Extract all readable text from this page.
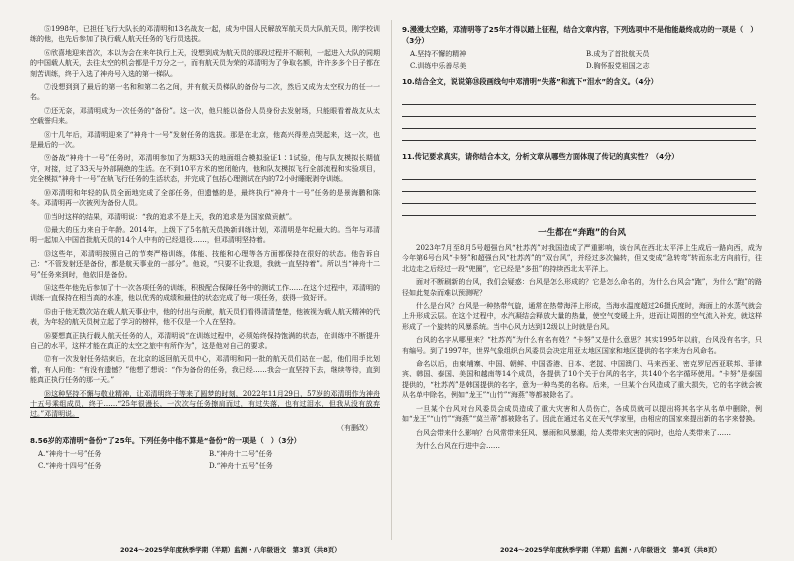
⑤1998年，已担任飞行大队长的邓清明和13名战友一起，成为中国人民解放军航天员大队航天员，刚学校训练的他，也先后参加了执行载人航天任务的飞行员选拔。

⑥欣喜地迎来首次，本以为会在来年执行上天，没想到成为航天员的那段过程并不顺利，一起进入大队的同期的中国载人航天，去往太空的机会都是千万分之一，而有航天员为荣的邓清明为了争取名额，许许多多个日子都在刻苦训练，终于入选了神舟号入选的第一梯队。

⑦没想到到了最后的第一名和和第二名之间，并有航天员梯队的备份与二次，然后又成为太空权力的任一一名。

⑦还无奈，邓清明成为一次任务的“备份”。这一次，他只能以备份人员身份去发射场，只能眼看着战友从太空载誉归来。

⑧十几年后，邓清明迎来了“神舟十一号”发射任务的选拔。那是在北京，他高兴得差点哭起来，这一次，也是最后的一次。

⑨备战“神舟十一号”任务时，邓清明参加了为期33天的地面组合模拟验证1∶1试验，他与队友模拟长期值守，对接，过了33天与外部隔绝的生活。在不到10平方米的密闭舱内，他和队友模拟飞行全部流程和实验项目，完全模拟“神舟十一号”在轨飞行任务的生活状态，并完成了包括心理测试在内的72小时睡眠剥夺训练。

⑩邓清明和年轻的队员全面地完成了全部任务，但遗憾的是，最终执行“神舟十一号”任务的是景海鹏和陈冬。邓清明再一次被列为备份人员。

⑪当时这样的结果，邓清明说：“我的追求不是上天，我的追求是为国家做贡献”。

⑫最大的压力来自于年龄。2014年，上级下了5名航天员换新训练计划，邓清明是年纪最大的。当年与邓清明一起加入中国首批航天员的14个人中有的已经退役……，但邓清明坚持着。

⑬这些年，邓清明按照自己的节奏严格训练，体能、技能和心理等各方面都保持在很好的状态。他告诉自己：“不管发射还是备份，都是航天事业的一部分”。他说，“只要不让我退，我就一直坚持着”。所以当“神舟十二号”任务来到时，他依旧是备份。

⑭这些年他先后参加了十一次各项任务的训练，积极配合保障任务中的测试工作……在这个过程中，邓清明的训练一直保持在相当高的水准，他以优秀的成绩和最佳的状态完成了每一项任务，获得一致好评。

⑮由于他无数次站在载人航天事业中，他的付出与贡献，航天员们看得清清楚楚，他被视为载人航天精神的代表，为年轻的航天员树立起了学习的榜样，他不仅是一个人在坚持。

⑯要想真正执行载人航天任务的人，邓清明说“在训练过程中，必须始终保持饱满的状态，在训练中不断提升自己的水平，这样才能在真正的太空之旅中有所作为”，这是他对自己的要求。

⑰有一次发射任务结束后，在北京的返回航天员中心，邓清明和同一批的航天员们站在一起，他们用手比划着，有人问他：“有没有遗憾？”他想了想说：“作为备份的任务，我已经……我会一直坚持下去，继续等待，直到能真正执行任务的那一天。”

⑱这种坚持不懈与敬业精神，让邓清明终于等来了圆梦的时刻，2022年11月29日，57岁的邓清明作为神舟十五号乘组成员，终于……“25年很漫长，一次次与任务擦肩而过，有过失落，也有过泪水，但我从没有放弃过。”邓清明说。

（有删改）

8.56岁的邓清明“备份”了25年。下列任务中他不算是“备份”的一项是（　）（3分）

A.“神舟十一号”任务	B.“神舟十二号”任务
C.“神舟十四号”任务	D.“神舟十五号”任务

9.漫漫太空路，邓清明等了25年才得以踏上征程，结合文章内容，下列选项中不是他能最终成功的一项是（　）（3分）

A.坚持不懈的精神	B.成为了首批航天员
C.训练中乐善尽美	D.胸怀报党祖国之志

10.结合全文，说说第⑱段画线句中邓清明“失落”和流下“泪水”的含义。（4分）

11.传记要求真实，请你结合本文，分析文章从哪些方面体现了传记的真实性？（4分）

一生都在“奔跑”的台风

2023年7月至8月5号超强台风“杜苏芮”对我国造成了严重影响，该台风在西北太平洋上生成后一路向西，成为今年第6号台风“卡努”和超强台风“杜苏芮”的“双台风”，并经过多次偏转，但又变成“急转弯”转而东北方向前行，往北边走之后经过一段“兜圈”，它已经是“多扭”的持续西北太平洋上。

面对不断刷新的台风，我们会疑惑：台风是怎么形成的？它是怎么命名的，为什么台风会“跑”，为什么“跑”的路径如此复杂而难以预测呢？

什么是台风？台风是一种热带气旋，通常在热带海洋上形成，当海水温度超过26摄氏度时，海面上的水蒸气就会上升形成云层。在这个过程中，水汽凝结会释放大量的热量，使空气变暖上升，进而让周围的空气流入补充，就这样形成了一个旋转的风暴系统。当中心风力达到12级以上时就是台风。

台风的名字从哪里来？“杜苏芮”为什么有名有姓？“卡努”又是什么意思？其实1995年以前，台风没有名字，只有编号。到了1997年，世界气象组织台风委员会决定用亚太地区国家和地区提供的名字来为台风命名。

命名以后，由柬埔寨、中国、朝鲜、中国香港、日本、老挝、中国澳门、马来西亚、密克罗尼西亚联邦、菲律宾、韩国、泰国、美国和越南等14个成员，各提供了10个关于台风的名字，共140个名字循环使用。“卡努”是泰国提供的，“杜苏芮”是韩国提供的名字，意为一种鸟类的名称。后来，一旦某个台风造成了重大损失，它的名字就会被从名单中除名，例如“龙王”“山竹”“海燕”等都被除名了。

一旦某个台风对台风委员会成员造成了重大灾害和人员伤亡，各成员就可以提出将其名字从名单中删除，例如“龙王”“山竹”“海燕”“莫兰蒂”都被除名了。因此在通过名义在天气学家里，由相应的国家来提出新的名字来替换。

台风会带来什么影响？台风常带来狂风、暴雨和风暴潮，给人类带来灾害的同时，也给人类带来了……

为什么台风在行进中会……

2024～2025学年度秋季学期（半期）监测・八年级语文　第3页（共8页）	2024～2025学年度秋季学期（半期）监测・八年级语文　第4页（共8页）
